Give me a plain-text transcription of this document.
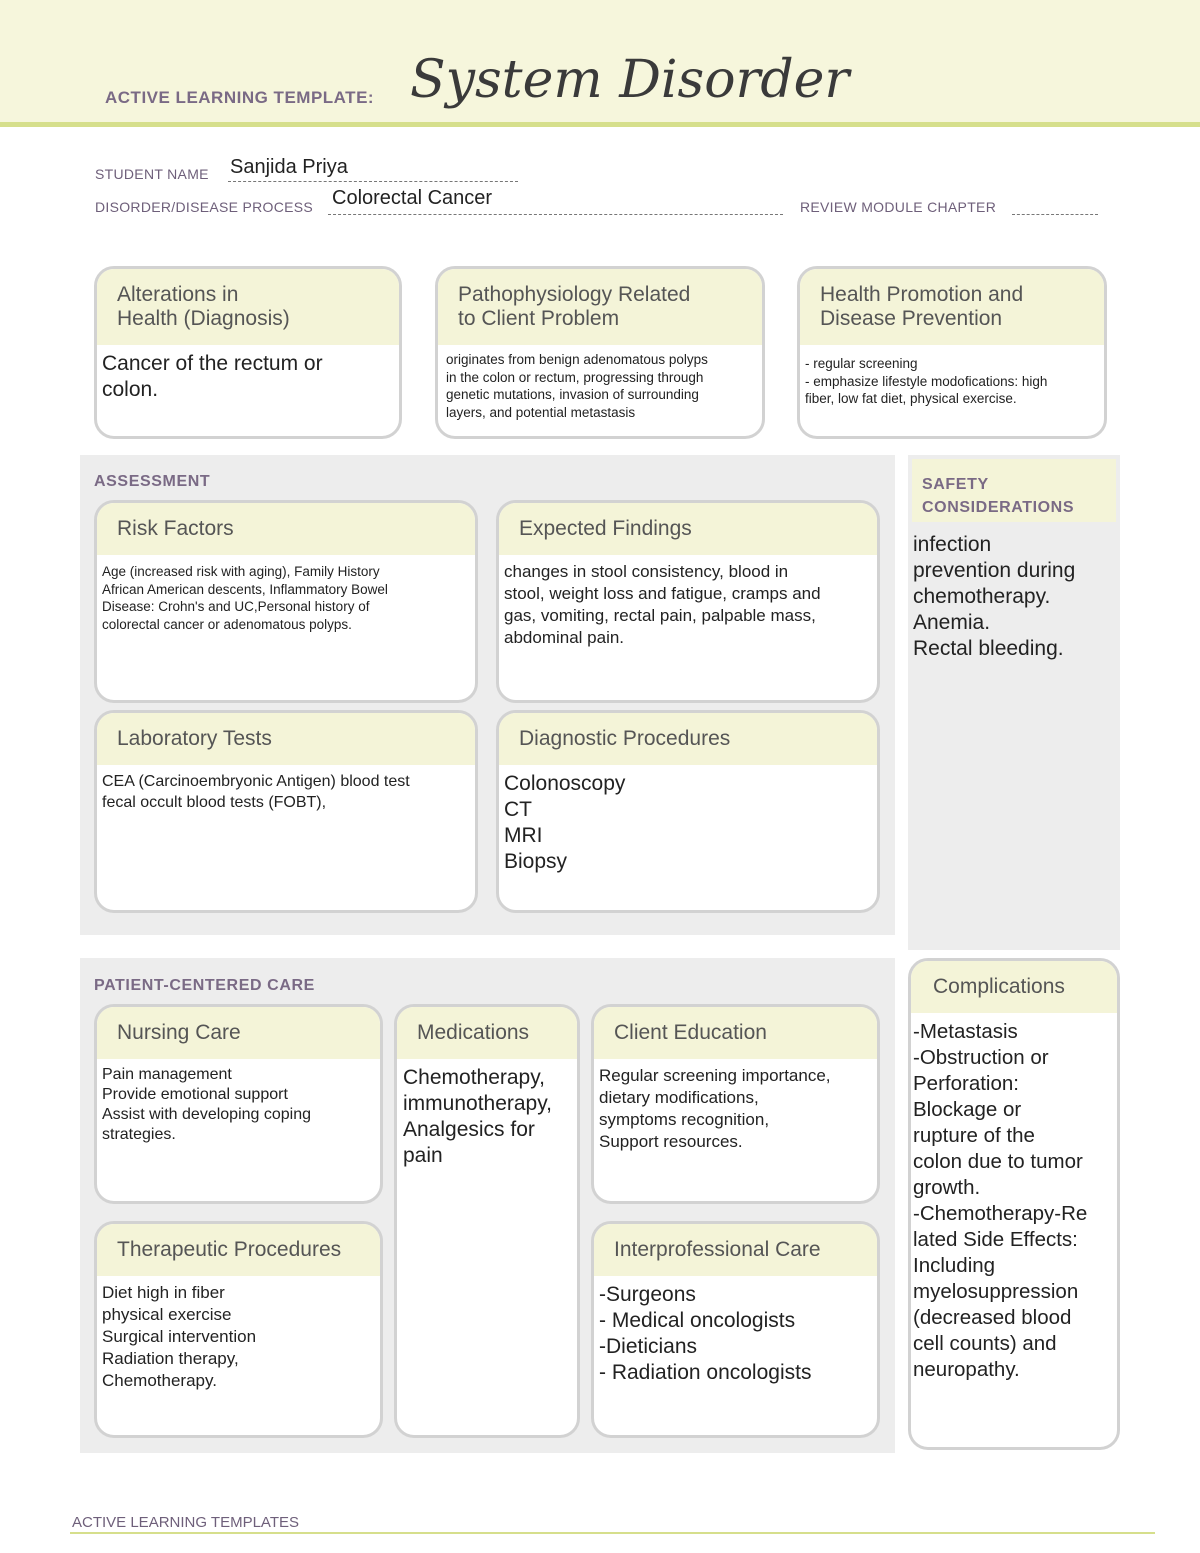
ACTIVE LEARNING TEMPLATE: System Disorder
STUDENT NAME Sanjida Priya
DISORDER/DISEASE PROCESS Colorectal Cancer	REVIEW MODULE CHAPTER
Alterations in
Health (Diagnosis)
Cancer of the rectum or
colon.
Pathophysiology Related
to Client Problem
originates from benign adenomatous polyps
in the colon or rectum, progressing through
genetic mutations, invasion of surrounding
layers, and potential metastasis
Health Promotion and
Disease Prevention
- regular screening
- emphasize lifestyle modofications: high
fiber, low fat diet, physical exercise.
ASSESSMENT
Risk Factors
Age (increased risk with aging), Family History
African American descents, Inflammatory Bowel
Disease: Crohn's and UC,Personal history of
colorectal cancer or adenomatous polyps.
Expected Findings
changes in stool consistency, blood in
stool, weight loss and fatigue, cramps and
gas, vomiting, rectal pain, palpable mass,
abdominal pain.
Laboratory Tests
CEA (Carcinoembryonic Antigen) blood test
fecal occult blood tests (FOBT),
Diagnostic Procedures
Colonoscopy
CT
MRI
Biopsy
SAFETY
CONSIDERATIONS
infection
prevention during
chemotherapy.
Anemia.
Rectal bleeding.
PATIENT-CENTERED CARE
Nursing Care
Pain management
Provide emotional support
Assist with developing coping
strategies.
Medications
Chemotherapy,
immunotherapy,
Analgesics for
pain
Client Education
Regular screening importance,
dietary modifications,
symptoms recognition,
Support resources.
Therapeutic Procedures
Diet high in fiber
physical exercise
Surgical intervention
Radiation therapy,
Chemotherapy.
Interprofessional Care
-Surgeons
- Medical oncologists
-Dieticians
- Radiation oncologists
Complications
-Metastasis
-Obstruction or
Perforation:
Blockage or
rupture of the
colon due to tumor
growth.
-Chemotherapy-Re
lated Side Effects:
Including
myelosuppression
(decreased blood
cell counts) and
neuropathy.
ACTIVE LEARNING TEMPLATES
